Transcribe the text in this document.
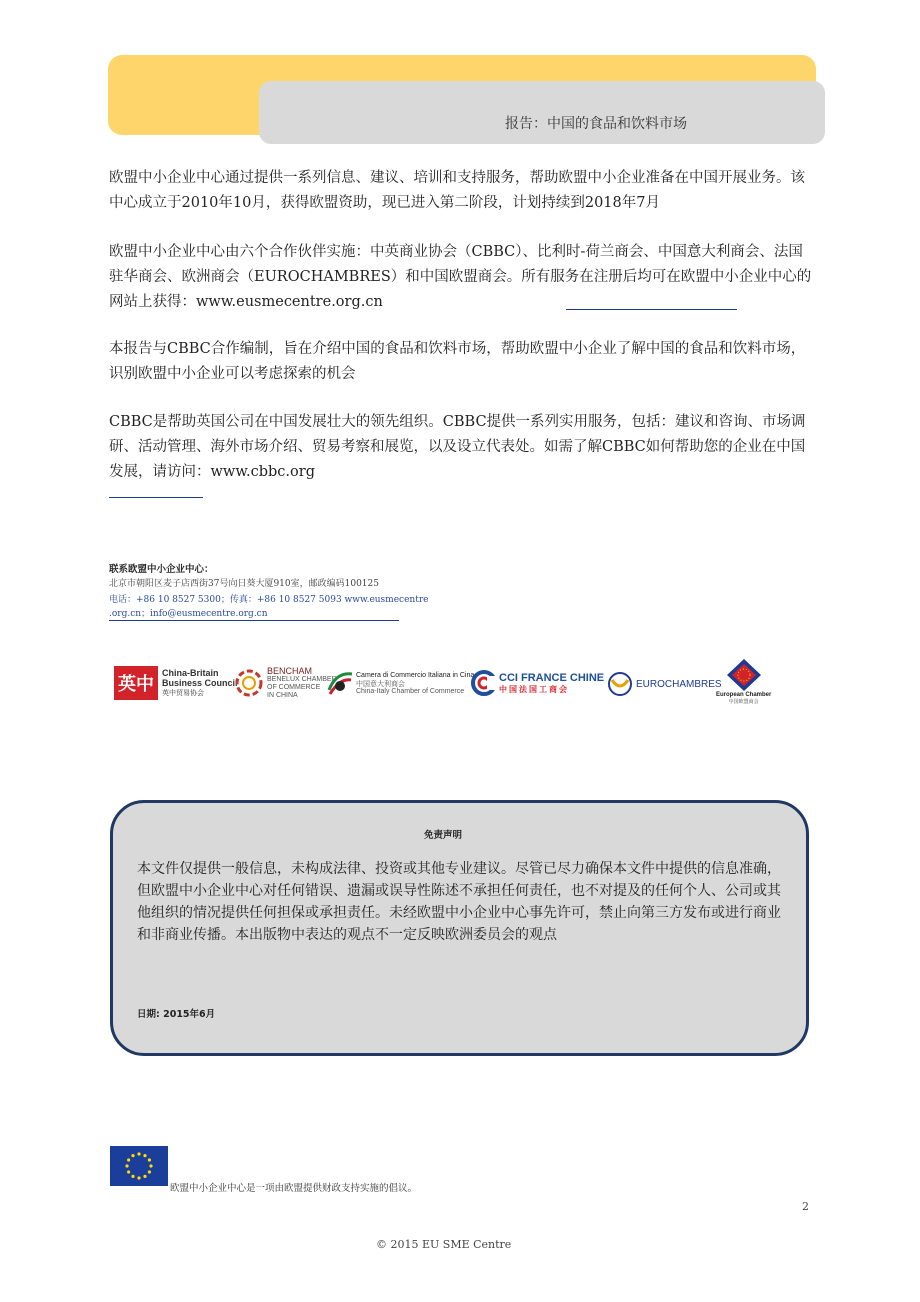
报告：中国的食品和饮料市场
欧盟中小企业中心通过提供一系列信息、建议、培训和支持服务，帮助欧盟中小企业准备在中国开展业务。该中心成立于2010年10月，获得欧盟资助，现已进入第二阶段，计划持续到2018年7月
欧盟中小企业中心由六个合作伙伴实施：中英商业协会（CBBC）、比利时-荷兰商会、中国意大利商会、法国驻华商会、欧洲商会（EUROCHAMBRES）和中国欧盟商会。所有服务在注册后均可在欧盟中小企业中心的网站上获得：www.eusmecentre.org.cn
本报告与CBBC合作编制，旨在介绍中国的食品和饮料市场，帮助欧盟中小企业了解中国的食品和饮料市场，识别欧盟中小企业可以考虑探索的机会
CBBC是帮助英国公司在中国发展壮大的领先组织。CBBC提供一系列实用服务，包括：建议和咨询、市场调研、活动管理、海外市场介绍、贸易考察和展览，以及设立代表处。如需了解CBBC如何帮助您的企业在中国发展，请访问：www.cbbc.org
联系欧盟中小企业中心：
北京市朝阳区麦子店西街37号向日葵大厦910室，邮政编码100125
电话：+86 10 8527 5300；传真：+86 10 8527 5093 www.eusmecentre
.org.cn；info@eusmecentre.org.cn
英中
China-Britain
Business Council
英中贸易协会
BENCHAM
BENELUX CHAMBER
OF COMMERCE
IN CHINA
Camera di Commercio Italiana in Cina
中国意大利商会
China-Italy Chamber of Commerce
CCI FRANCE CHINE
中国法国工商会	EUROCHAMBRES
European Chamber
中国欧盟商会
免责声明
本文件仅提供一般信息，未构成法律、投资或其他专业建议。尽管已尽力确保本文件中提供的信息准确，但欧盟中小企业中心对任何错误、遗漏或误导性陈述不承担任何责任，也不对提及的任何个人、公司或其他组织的情况提供任何担保或承担责任。未经欧盟中小企业中心事先许可，禁止向第三方发布或进行商业和非商业传播。本出版物中表达的观点不一定反映欧洲委员会的观点
日期: 2015年6月
欧盟中小企业中心是一项由欧盟提供财政支持实施的倡议。
2
© 2015 EU SME Centre
